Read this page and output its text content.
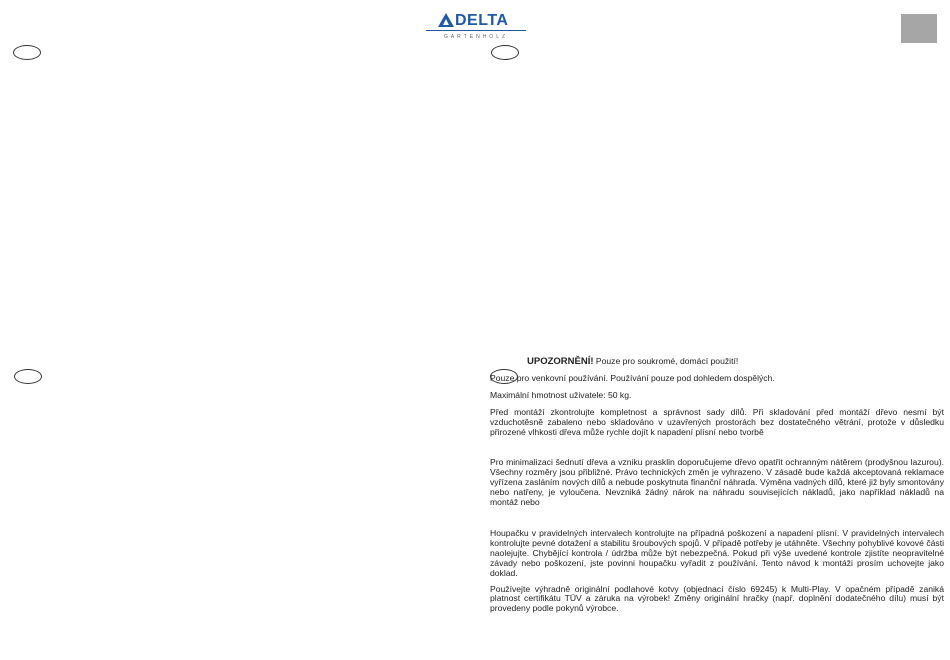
DELTA
GARTENHOLZ

UPOZORNĚNÍ! Pouze pro soukromé, domácí použití!

Pouze pro venkovní používání. Používání pouze pod dohledem dospělých.

Maximální hmotnost uživatele: 50 kg.

Před montáží zkontrolujte kompletnost a správnost sady dílů. Při skladování před montáží dřevo nesmí být vzduchotěsně zabaleno nebo skladováno v uzavřených prostorách bez dostatečného větrání, protože v důsledku přirozené vlhkosti dřeva může rychle dojít k napadení plísní nebo tvorbě

Pro minimalizaci šednutí dřeva a vzniku prasklin doporučujeme dřevo opatřit ochranným nátěrem (prodyšnou lazurou). Všechny rozměry jsou přibližné. Právo technických změn je vyhrazeno. V zásadě bude každá akceptovaná reklamace vyřízena zasláním nových dílů a nebude poskytnuta finanční náhrada. Výměna vadných dílů, které již byly smontovány nebo natřeny, je vyloučena. Nevzniká žádný nárok na náhradu souvisejících nákladů, jako například nákladů na montáž nebo

Houpačku v pravidelných intervalech kontrolujte na případná poškození a napadení plísní. V pravidelných intervalech kontrolujte pevné dotažení a stabilitu šroubových spojů. V případě potřeby je utáhněte. Všechny pohyblivé kovové části naolejujte. Chybějící kontrola / údržba může být nebezpečná. Pokud při výše uvedené kontrole zjistíte neopravitelné závady nebo poškození, jste povinni houpačku vyřadit z používání. Tento návod k montáži prosím uchovejte jako doklad.

Používejte výhradně originální podlahové kotvy (objednací číslo 69245) k Multi-Play. V opačném případě zaniká platnost certifikátu TÜV a záruka na výrobek! Změny originální hračky (např. doplnění dodatečného dílu) musí být provedeny podle pokynů výrobce.
